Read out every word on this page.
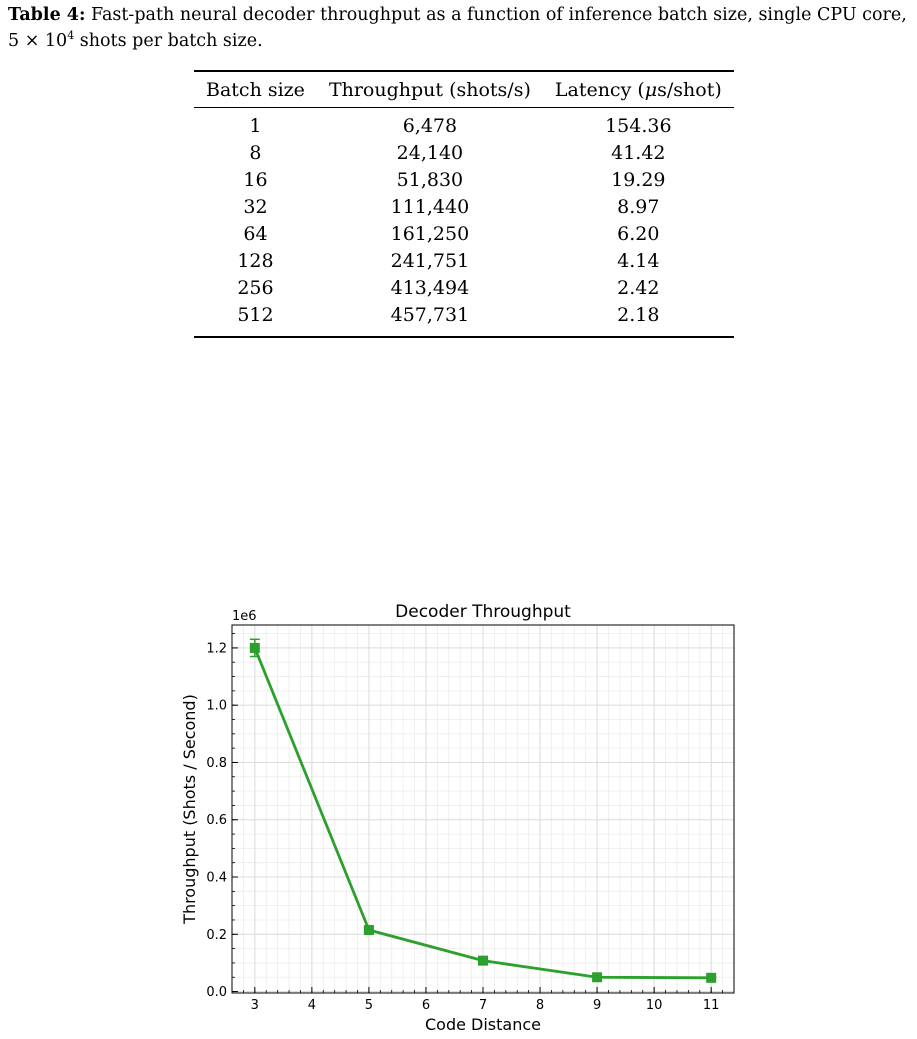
Table 4: Fast-path neural decoder throughput as a function of inference batch size, single CPU core,
$5 \times 10^4$ shots per batch size.
Batch size	Throughput (shots/s)	Latency (μs/shot)
1	6,478	154.36
8	24,140	41.42
16	51,830	19.29
32	111,440	8.97
64	161,250	6.20
128	241,751	4.14
256	413,494	2.42
512	457,731	2.18
3	4	5	6	7	8	9	10	11
0.0
0.2
0.4
0.6
0.8
1.0
1.2
Decoder Throughput
Code Distance
Throughput (Shots / Second)
1e6
